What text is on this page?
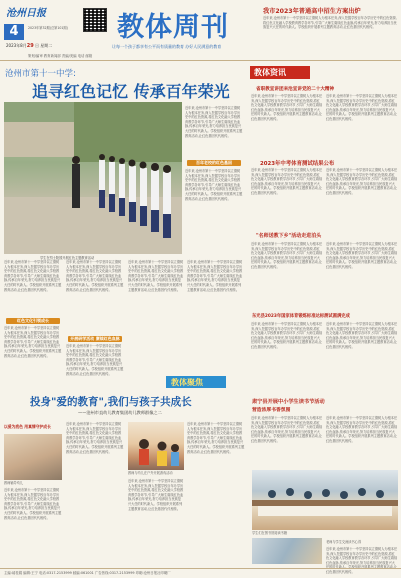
沧州日报
4	2023年第32期(总第101期)
2023年8月29 日 星期二
教体周刊
我市2023年普通高中招生方案出炉
近年来,沧州市第十一中学坚持以立德树人为根本任务,深入挖掘学校百年办学历史中的红色资源,将红色文化融入学校教育教学各环节,引导广大师生赓续红色血脉,传承百年荣光,努力培养担当民族复兴大任的时代新人。学校组织开展系列主题教育活动,让红色基因代代相传。
让每一个孩子都享有公平而有质量的教育 办好人民满意的教育
策划/编审 教育新闻部 责编/美编 电话 邮箱
沧州市第十一中学:
追寻红色记忆 传承百年荣光
学生在烈士陵园开展红色主题教育活动
近年来,沧州市第十一中学坚持以立德树人为根本任务,深入挖掘学校百年办学历史中的红色资源,将红色文化融入学校教育教学各环节,引导广大师生赓续红色血脉,传承百年荣光,努力培养担当民族复兴大任的时代新人。学校组织开展系列主题教育活动,让红色基因代代相传。
百年老校的红色基因
近年来,沧州市第十一中学坚持以立德树人为根本任务,深入挖掘学校百年办学历史中的红色资源,将红色文化融入学校教育教学各环节,引导广大师生赓续红色血脉,传承百年荣光,努力培养担当民族复兴大任的时代新人。学校组织开展系列主题教育活动,让红色基因代代相传。
教体资讯
省职教宣讲团来沧宣讲党的二十大精神
近年来,沧州市第十一中学坚持以立德树人为根本任务,深入挖掘学校百年办学历史中的红色资源,将红色文化融入学校教育教学各环节,引导广大师生赓续红色血脉,传承百年荣光,努力培养担当民族复兴大任的时代新人。学校组织开展系列主题教育活动,让红色基因代代相传。
近年来,沧州市第十一中学坚持以立德树人为根本任务,深入挖掘学校百年办学历史中的红色资源,将红色文化融入学校教育教学各环节,引导广大师生赓续红色血脉,传承百年荣光,努力培养担当民族复兴大任的时代新人。学校组织开展系列主题教育活动,让红色基因代代相传。
2023年中考体育测试结果公布
近年来,沧州市第十一中学坚持以立德树人为根本任务,深入挖掘学校百年办学历史中的红色资源,将红色文化融入学校教育教学各环节,引导广大师生赓续红色血脉,传承百年荣光,努力培养担当民族复兴大任的时代新人。学校组织开展系列主题教育活动,让红色基因代代相传。
近年来,沧州市第十一中学坚持以立德树人为根本任务,深入挖掘学校百年办学历史中的红色资源,将红色文化融入学校教育教学各环节,引导广大师生赓续红色血脉,传承百年荣光,努力培养担当民族复兴大任的时代新人。学校组织开展系列主题教育活动,让红色基因代代相传。
"名师送教下乡"活动走进泊头
近年来,沧州市第十一中学坚持以立德树人为根本任务,深入挖掘学校百年办学历史中的红色资源,将红色文化融入学校教育教学各环节,引导广大师生赓续红色血脉,传承百年荣光,努力培养担当民族复兴大任的时代新人。学校组织开展系列主题教育活动,让红色基因代代相传。
近年来,沧州市第十一中学坚持以立德树人为根本任务,深入挖掘学校百年办学历史中的红色资源,将红色文化融入学校教育教学各环节,引导广大师生赓续红色血脉,传承百年荣光,努力培养担当民族复兴大任的时代新人。学校组织开展系列主题教育活动,让红色基因代代相传。
东光县2023年国家体育锻炼标准达标测试圆满完成
近年来,沧州市第十一中学坚持以立德树人为根本任务,深入挖掘学校百年办学历史中的红色资源,将红色文化融入学校教育教学各环节,引导广大师生赓续红色血脉,传承百年荣光,努力培养担当民族复兴大任的时代新人。学校组织开展系列主题教育活动,让红色基因代代相传。
近年来,沧州市第十一中学坚持以立德树人为根本任务,深入挖掘学校百年办学历史中的红色资源,将红色文化融入学校教育教学各环节,引导广大师生赓续红色血脉,传承百年荣光,努力培养担当民族复兴大任的时代新人。学校组织开展系列主题教育活动,让红色基因代代相传。
近年来,沧州市第十一中学坚持以立德树人为根本任务,深入挖掘学校百年办学历史中的红色资源,将红色文化融入学校教育教学各环节,引导广大师生赓续红色血脉,传承百年荣光,努力培养担当民族复兴大任的时代新人。学校组织开展系列主题教育活动,让红色基因代代相传。
红色文化引领成长
近年来,沧州市第十一中学坚持以立德树人为根本任务,深入挖掘学校百年办学历史中的红色资源,将红色文化融入学校教育教学各环节,引导广大师生赓续红色血脉,传承百年荣光,努力培养担当民族复兴大任的时代新人。学校组织开展系列主题教育活动,让红色基因代代相传。
近年来,沧州市第十一中学坚持以立德树人为根本任务,深入挖掘学校百年办学历史中的红色资源,将红色文化融入学校教育教学各环节,引导广大师生赓续红色血脉,传承百年荣光,努力培养担当民族复兴大任的时代新人。学校组织开展系列主题教育活动,让红色基因代代相传。
开展研学活动 赓续红色血脉
近年来,沧州市第十一中学坚持以立德树人为根本任务,深入挖掘学校百年办学历史中的红色资源,将红色文化融入学校教育教学各环节,引导广大师生赓续红色血脉,传承百年荣光,努力培养担当民族复兴大任的时代新人。学校组织开展系列主题教育活动,让红色基因代代相传。
近年来,沧州市第十一中学坚持以立德树人为根本任务,深入挖掘学校百年办学历史中的红色资源,将红色文化融入学校教育教学各环节,引导广大师生赓续红色血脉,传承百年荣光,努力培养担当民族复兴大任的时代新人。学校组织开展系列主题教育活动,让红色基因代代相传。
近年来,沧州市第十一中学坚持以立德树人为根本任务,深入挖掘学校百年办学历史中的红色资源,将红色文化融入学校教育教学各环节,引导广大师生赓续红色血脉,传承百年荣光,努力培养担当民族复兴大任的时代新人。学校组织开展系列主题教育活动,让红色基因代代相传。
教体聚焦
投身"爱的教育",我们与孩子共成长
——沧州市直幼儿教育集团幼儿教师群像之二
以爱为底色 用真情守护成长
教师辅导幼儿
近年来,沧州市第十一中学坚持以立德树人为根本任务,深入挖掘学校百年办学历史中的红色资源,将红色文化融入学校教育教学各环节,引导广大师生赓续红色血脉,传承百年荣光,努力培养担当民族复兴大任的时代新人。学校组织开展系列主题教育活动,让红色基因代代相传。
近年来,沧州市第十一中学坚持以立德树人为根本任务,深入挖掘学校百年办学历史中的红色资源,将红色文化融入学校教育教学各环节,引导广大师生赓续红色血脉,传承百年荣光,努力培养担当民族复兴大任的时代新人。学校组织开展系列主题教育活动,让红色基因代代相传。
教师与幼儿在户外开展游戏活动
近年来,沧州市第十一中学坚持以立德树人为根本任务,深入挖掘学校百年办学历史中的红色资源,将红色文化融入学校教育教学各环节,引导广大师生赓续红色血脉,传承百年荣光,努力培养担当民族复兴大任的时代新人。学校组织开展系列主题教育活动,让红色基因代代相传。
近年来,沧州市第十一中学坚持以立德树人为根本任务,深入挖掘学校百年办学历史中的红色资源,将红色文化融入学校教育教学各环节,引导广大师生赓续红色血脉,传承百年荣光,努力培养担当民族复兴大任的时代新人。学校组织开展系列主题教育活动,让红色基因代代相传。
肃宁县开展中小学生读书节活动
营造浓厚书香氛围
近年来,沧州市第十一中学坚持以立德树人为根本任务,深入挖掘学校百年办学历史中的红色资源,将红色文化融入学校教育教学各环节,引导广大师生赓续红色血脉,传承百年荣光,努力培养担当民族复兴大任的时代新人。学校组织开展系列主题教育活动,让红色基因代代相传。
近年来,沧州市第十一中学坚持以立德树人为根本任务,深入挖掘学校百年办学历史中的红色资源,将红色文化融入学校教育教学各环节,引导广大师生赓续红色血脉,传承百年荣光,努力培养担当民族复兴大任的时代新人。学校组织开展系列主题教育活动,让红色基因代代相传。
学生们在图书馆阅读书籍
老师与学生交流读书心得
近年来,沧州市第十一中学坚持以立德树人为根本任务,深入挖掘学校百年办学历史中的红色资源,将红色文化融入学校教育教学各环节,引导广大师生赓续红色血脉,传承百年荣光,努力培养担当民族复兴大 红色基因代代相传。
主编:郝桂娟 编辑:王宁 电话:0317-2153999 邮编:061001 广告热线:0317-2153999 印刷:沧州日报社印刷厂
